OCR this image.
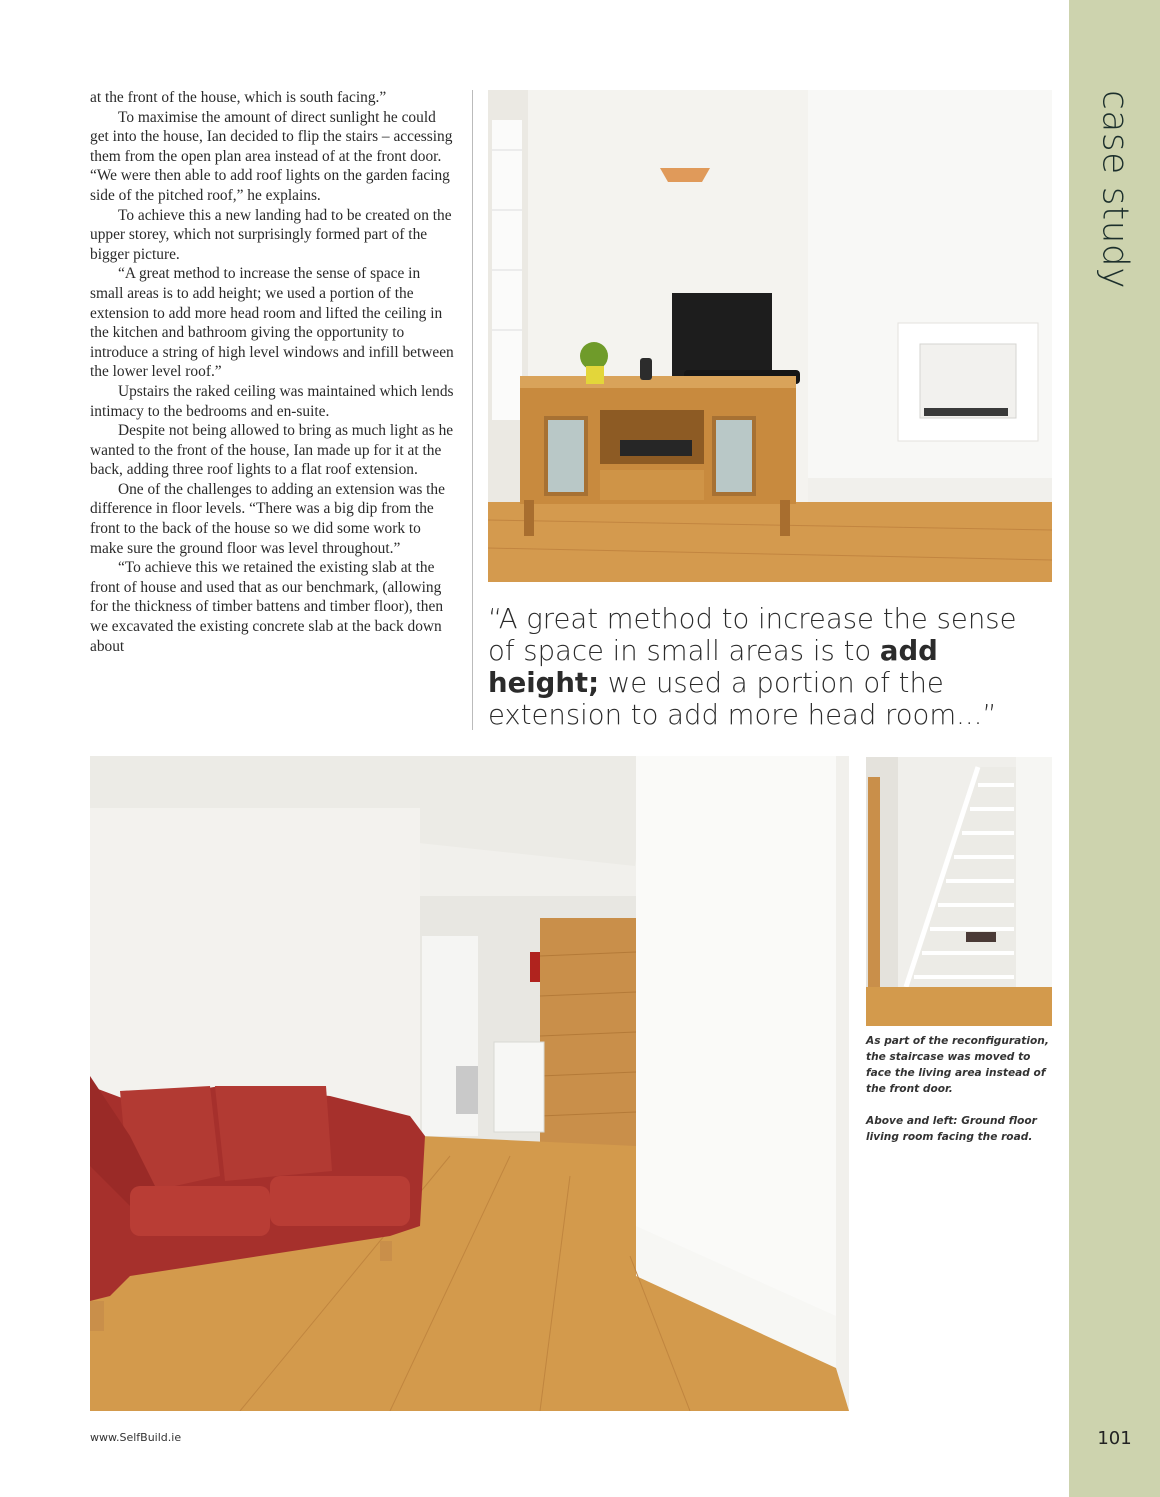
case study
101
www.SelfBuild.ie

at the front of the house, which is south facing.”

To maximise the amount of direct sunlight he could get into the house, Ian decided to flip the stairs – accessing them from the open plan area instead of at the front door. “We were then able to add roof lights on the garden facing side of the pitched roof,” he explains.

To achieve this a new landing had to be created on the upper storey, which not surprisingly formed part of the bigger picture.

“A great method to increase the sense of space in small areas is to add height; we used a portion of the extension to add more head room and lifted the ceiling in the kitchen and bathroom giving the opportunity to introduce a string of high level windows and infill between the lower level roof.”

Upstairs the raked ceiling was maintained which lends intimacy to the bedrooms and en-suite.

Despite not being allowed to bring as much light as he wanted to the front of the house, Ian made up for it at the back, adding three roof lights to a flat roof extension.

One of the challenges to adding an extension was the difference in floor levels. “There was a big dip from the front to the back of the house so we did some work to make sure the ground floor was level throughout.”

“To achieve this we retained the existing slab at the front of house and used that as our benchmark, (allowing for the thickness of timber battens and timber floor), then we excavated the existing concrete slab at the back down about

“A great method to increase the sense of space in small areas is to add height; we used a portion of the extension to add more head room...”

As part of the reconfiguration, the staircase was moved to face the living area instead of the front door.

Above and left: Ground floor living room facing the road.
